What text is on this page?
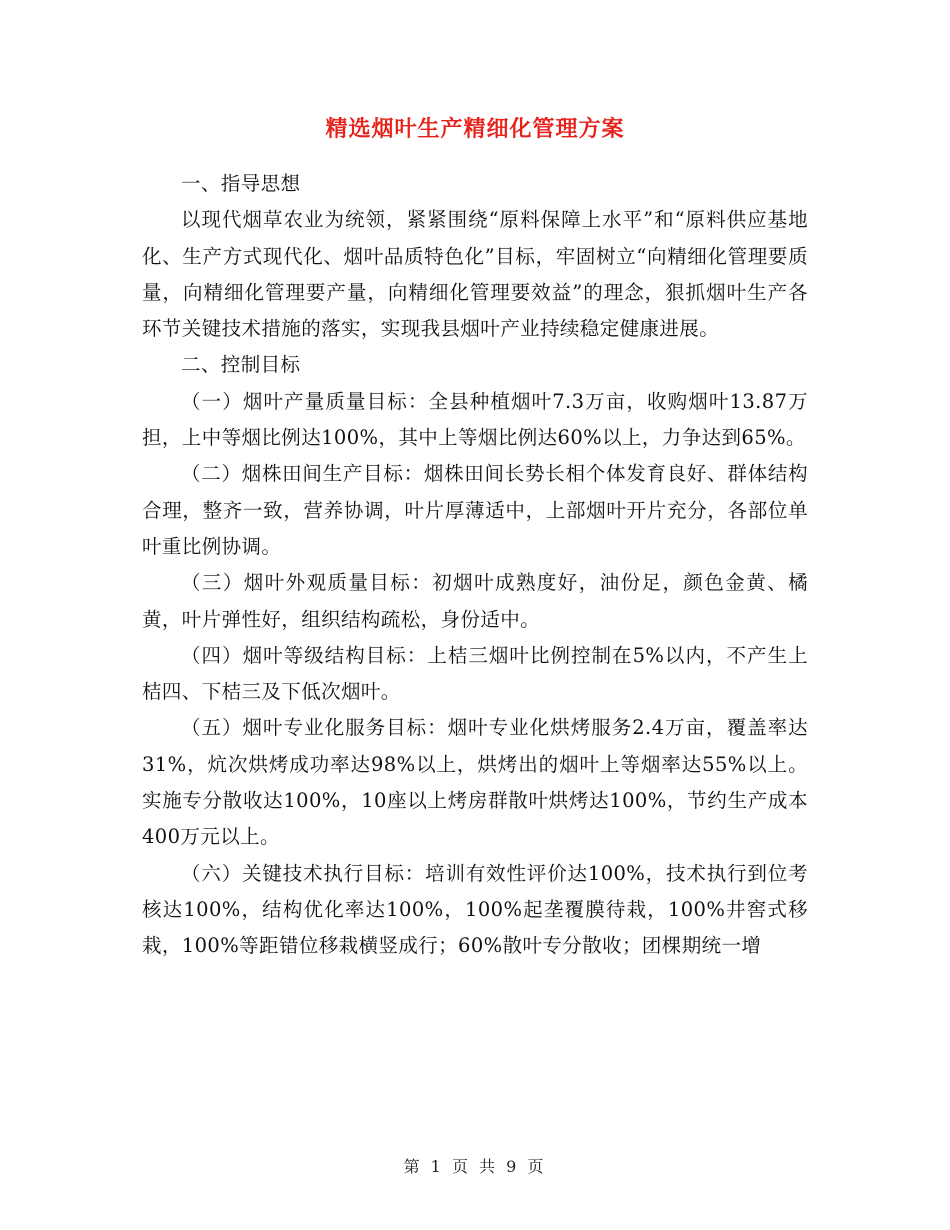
精选烟叶生产精细化管理方案

一、指导思想

以现代烟草农业为统领，紧紧围绕“原料保障上水平”和“原料供应基地化、生产方式现代化、烟叶品质特色化”目标，牢固树立“向精细化管理要质量，向精细化管理要产量，向精细化管理要效益”的理念，狠抓烟叶生产各环节关键技术措施的落实，实现我县烟叶产业持续稳定健康进展。

二、控制目标

（一）烟叶产量质量目标：全县种植烟叶7.3万亩，收购烟叶13.87万担，上中等烟比例达100%，其中上等烟比例达60%以上，力争达到65%。

（二）烟株田间生产目标：烟株田间长势长相个体发育良好、群体结构合理，整齐一致，营养协调，叶片厚薄适中，上部烟叶开片充分，各部位单叶重比例协调。

（三）烟叶外观质量目标：初烟叶成熟度好，油份足，颜色金黄、橘黄，叶片弹性好，组织结构疏松，身份适中。

（四）烟叶等级结构目标：上桔三烟叶比例控制在5%以内，不产生上桔四、下桔三及下低次烟叶。

（五）烟叶专业化服务目标：烟叶专业化烘烤服务2.4万亩，覆盖率达31%，炕次烘烤成功率达98%以上，烘烤出的烟叶上等烟率达55%以上。实施专分散收达100%，10座以上烤房群散叶烘烤达100%，节约生产成本400万元以上。

（六）关键技术执行目标：培训有效性评价达100%，技术执行到位考核达100%，结构优化率达100%，100%起垄覆膜待栽，100%井窖式移栽，100%等距错位移栽横竖成行；60%散叶专分散收；团棵期统一增

第 1 页 共 9 页
